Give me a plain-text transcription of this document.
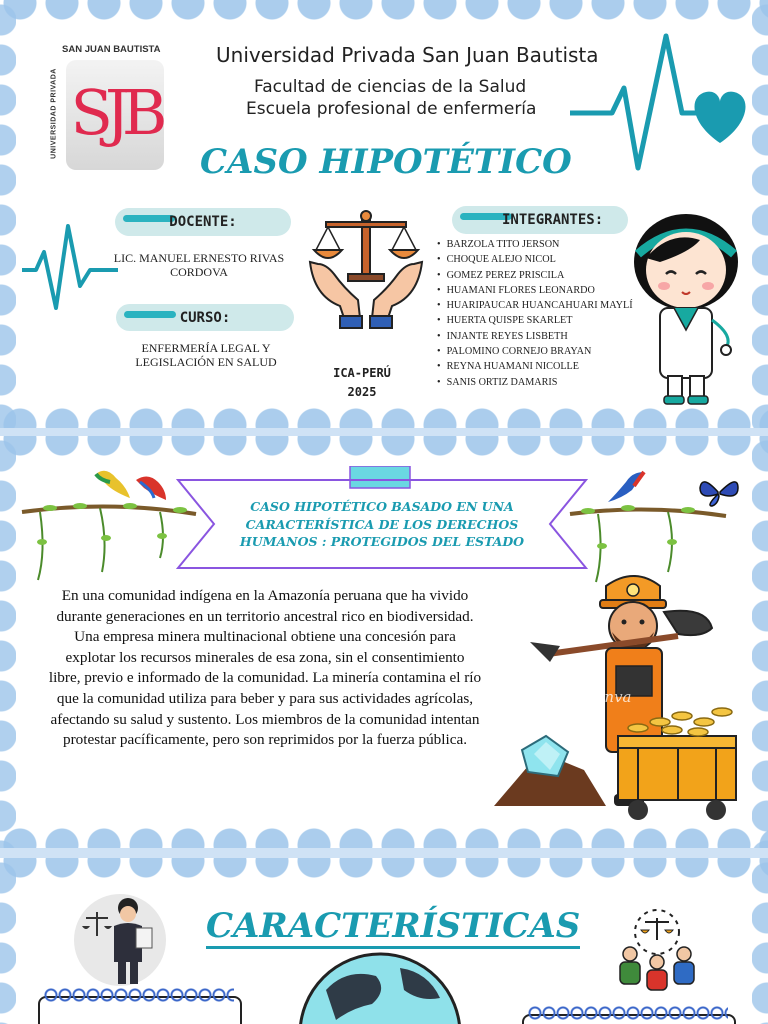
SAN JUAN BAUTISTA
UNIVERSIDAD PRIVADA SJB
Universidad Privada San Juan Bautista
Facultad de ciencias de la Salud
Escuela profesional de enfermería
CASO HIPOTÉTICO
DOCENTE:
LIC. MANUEL ERNESTO RIVAS CORDOVA
CURSO:
ENFERMERÍA LEGAL Y LEGISLACIÓN EN SALUD
ICA-PERÚ
2025
INTEGRANTES:
• BARZOLA TITO JERSON
• CHOQUE ALEJO NICOL
• GOMEZ PEREZ PRISCILA
• HUAMANI FLORES LEONARDO
• HUARIPAUCAR HUANCAHUARI MAYLÍ
• HUERTA QUISPE SKARLET
• INJANTE REYES LISBETH
• PALOMINO CORNEJO BRAYAN
• REYNA HUAMANI NICOLLE
• SANIS ORTIZ DAMARIS
CASO HIPOTÉTICO BASADO EN UNA CARACTERÍSTICA DE LOS DERECHOS HUMANOS : PROTEGIDOS DEL ESTADO
En una comunidad indígena en la Amazonía peruana que ha vivido durante generaciones en un territorio ancestral rico en biodiversidad. Una empresa minera multinacional obtiene una concesión para explotar los recursos minerales de esa zona, sin el consentimiento libre, previo e informado de la comunidad. La minería contamina el río que la comunidad utiliza para beber y para sus actividades agrícolas, afectando su salud y sustento. Los miembros de la comunidad intentan protestar pacíficamente, pero son reprimidos por la fuerza pública.
Canva
CARACTERÍSTICAS
